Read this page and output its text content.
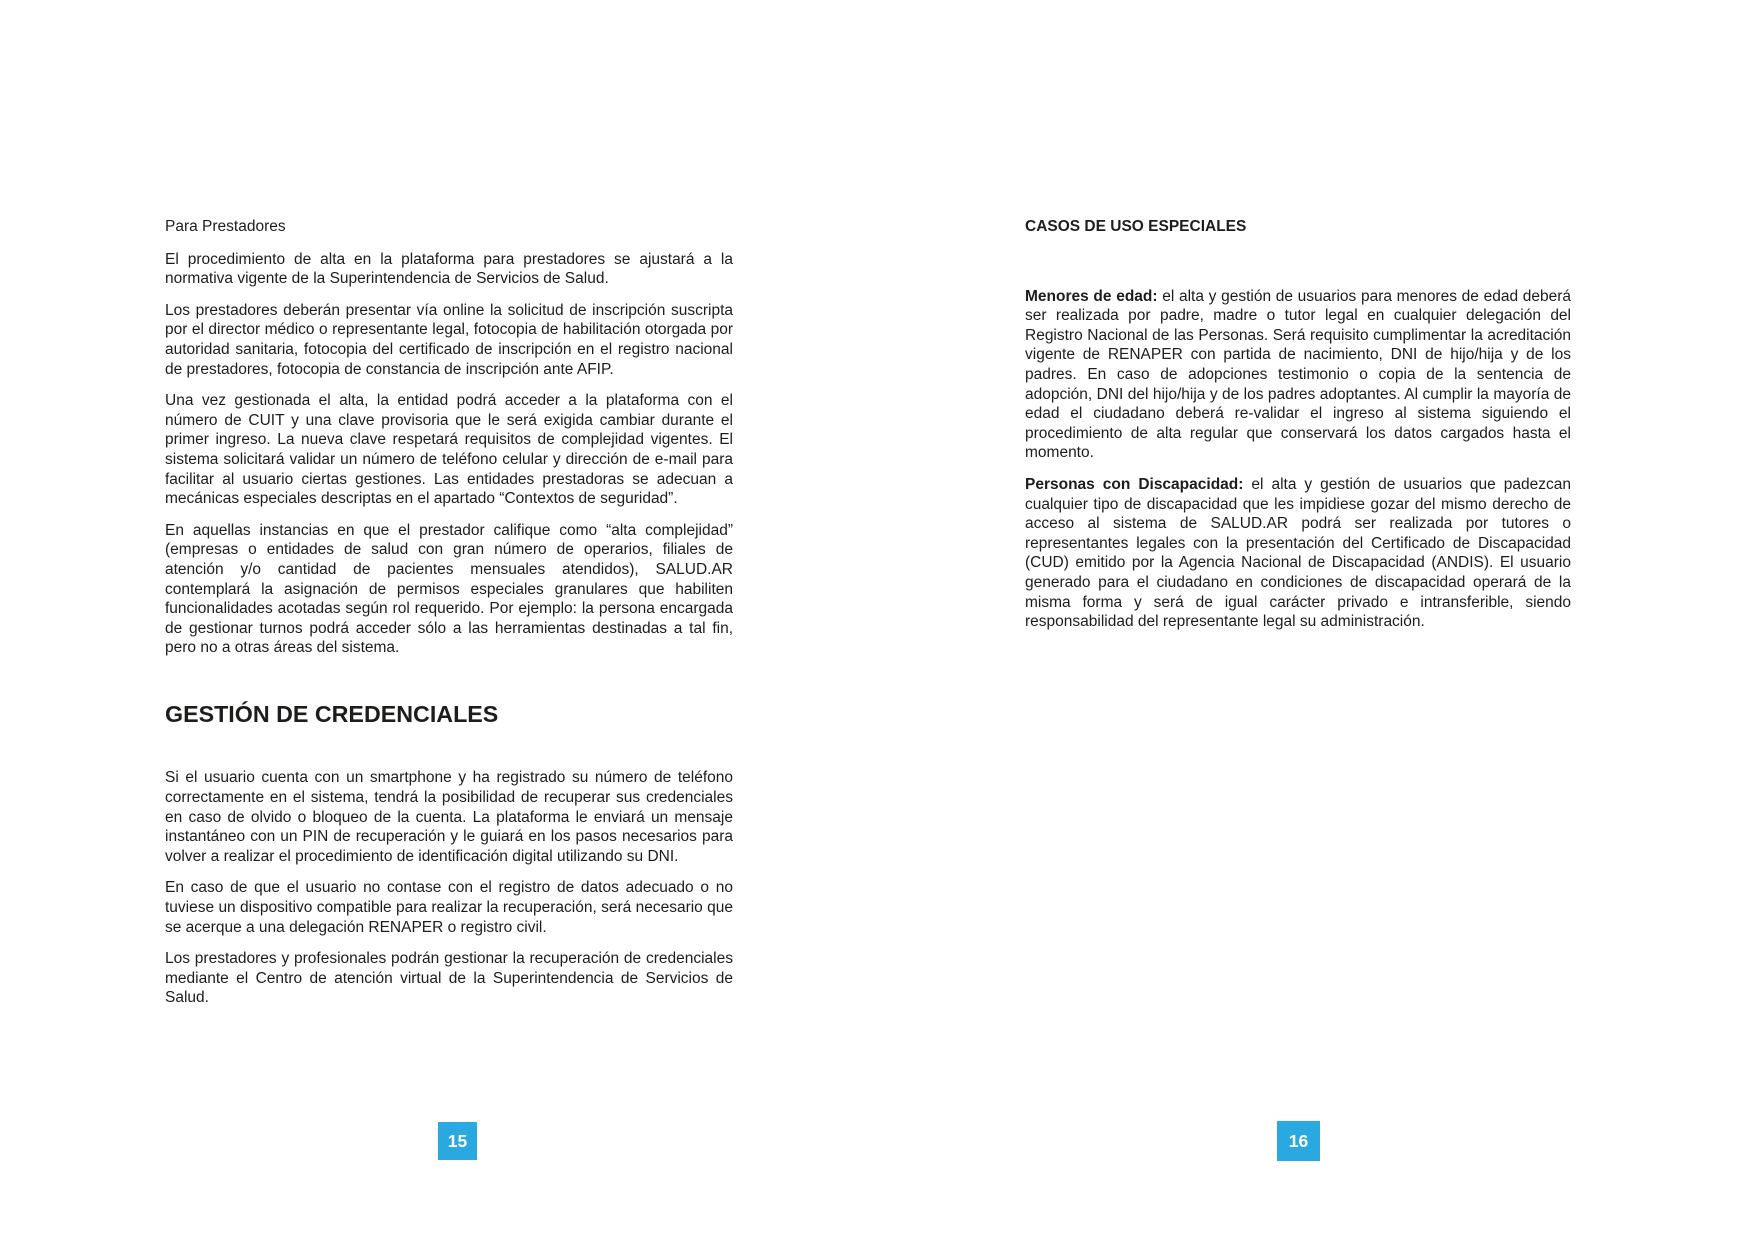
Para Prestadores

El procedimiento de alta en la plataforma para prestadores se ajustará a la normativa vigente de la Superintendencia de Servicios de Salud.

Los prestadores deberán presentar vía online la solicitud de inscripción suscripta por el director médico o representante legal, fotocopia de habilitación otorgada por autoridad sanitaria, fotocopia del certificado de inscripción en el registro nacional de prestadores, fotocopia de constancia de inscripción ante AFIP.

Una vez gestionada el alta, la entidad podrá acceder a la plataforma con el número de CUIT y una clave provisoria que le será exigida cambiar durante el primer ingreso. La nueva clave respetará requisitos de complejidad vigentes. El sistema solicitará validar un número de teléfono celular y dirección de e-mail para facilitar al usuario ciertas gestiones. Las entidades prestadoras se adecuan a mecánicas especiales descriptas en el apartado “Contextos de seguridad”.

En aquellas instancias en que el prestador califique como “alta complejidad” (empresas o entidades de salud con gran número de operarios, filiales de atención y/o cantidad de pacientes mensuales atendidos), SALUD.AR contemplará la asignación de permisos especiales granulares que habiliten funcionalidades acotadas según rol requerido. Por ejemplo: la persona encargada de gestionar turnos podrá acceder sólo a las herramientas destinadas a tal fin, pero no a otras áreas del sistema.

GESTIÓN DE CREDENCIALES

Si el usuario cuenta con un smartphone y ha registrado su número de teléfono correctamente en el sistema, tendrá la posibilidad de recuperar sus credenciales en caso de olvido o bloqueo de la cuenta. La plataforma le enviará un mensaje instantáneo con un PIN de recuperación y le guiará en los pasos necesarios para volver a realizar el procedimiento de identificación digital utilizando su DNI.

En caso de que el usuario no contase con el registro de datos adecuado o no tuviese un dispositivo compatible para realizar la recuperación, será necesario que se acerque a una delegación RENAPER o registro civil.

Los prestadores y profesionales podrán gestionar la recuperación de credenciales mediante el Centro de atención virtual de la Superintendencia de Servicios de Salud.

CASOS DE USO ESPECIALES

Menores de edad: el alta y gestión de usuarios para menores de edad deberá ser realizada por padre, madre o tutor legal en cualquier delegación del Registro Nacional de las Personas. Será requisito cumplimentar la acreditación vigente de RENAPER con partida de nacimiento, DNI de hijo/hija y de los padres. En caso de adopciones testimonio o copia de la sentencia de adopción, DNI del hijo/hija y de los padres adoptantes. Al cumplir la mayoría de edad el ciudadano deberá re-validar el ingreso al sistema siguiendo el procedimiento de alta regular que conservará los datos cargados hasta el momento.

Personas con Discapacidad: el alta y gestión de usuarios que padezcan cualquier tipo de discapacidad que les impidiese gozar del mismo derecho de acceso al sistema de SALUD.AR podrá ser realizada por tutores o representantes legales con la presentación del Certificado de Discapacidad (CUD) emitido por la Agencia Nacional de Discapacidad (ANDIS). El usuario generado para el ciudadano en condiciones de discapacidad operará de la misma forma y será de igual carácter privado e intransferible, siendo responsabilidad del representante legal su administración.

15	16
